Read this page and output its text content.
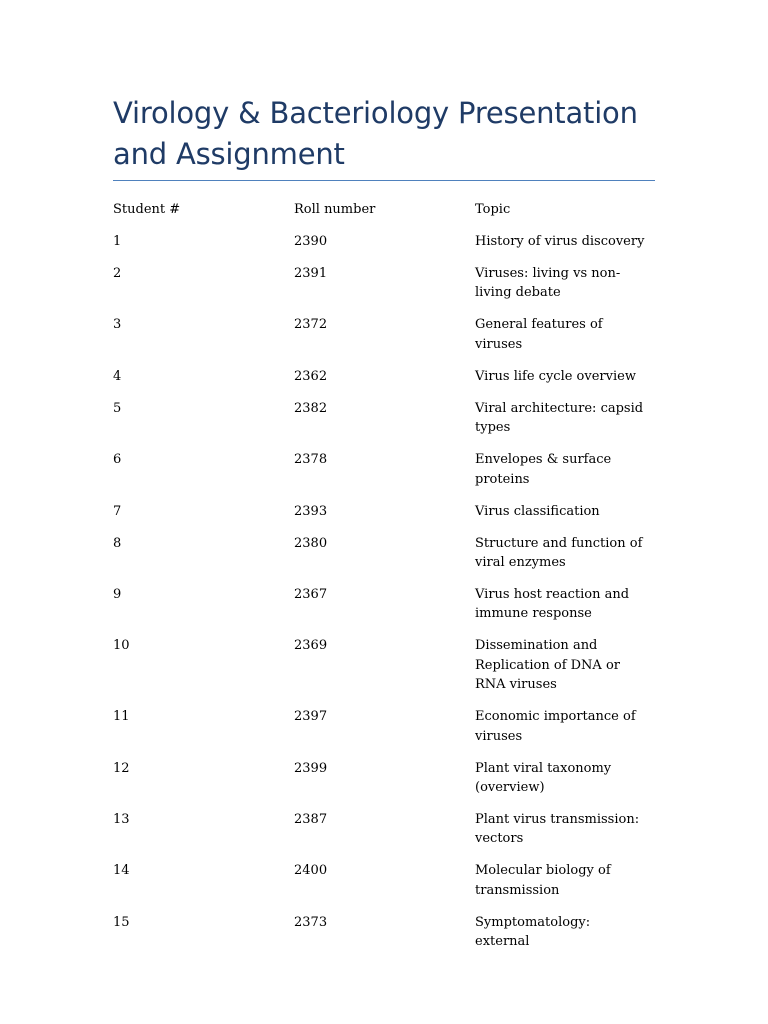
Virology & Bacteriology Presentation and Assignment
Student #	Roll number	Topic
1	2390	History of virus discovery
2	2391	Viruses: living vs non-living debate
3	2372	General features of viruses
4	2362	Virus life cycle overview
5	2382	Viral architecture: capsid types
6	2378	Envelopes & surface proteins
7	2393	Virus classification
8	2380	Structure and function of viral enzymes
9	2367	Virus host reaction and immune response
10	2369	Dissemination and Replication of DNA or RNA viruses
11	2397	Economic importance of viruses
12	2399	Plant viral taxonomy (overview)
13	2387	Plant virus transmission: vectors
14	2400	Molecular biology of transmission
15	2373	Symptomatology: external
